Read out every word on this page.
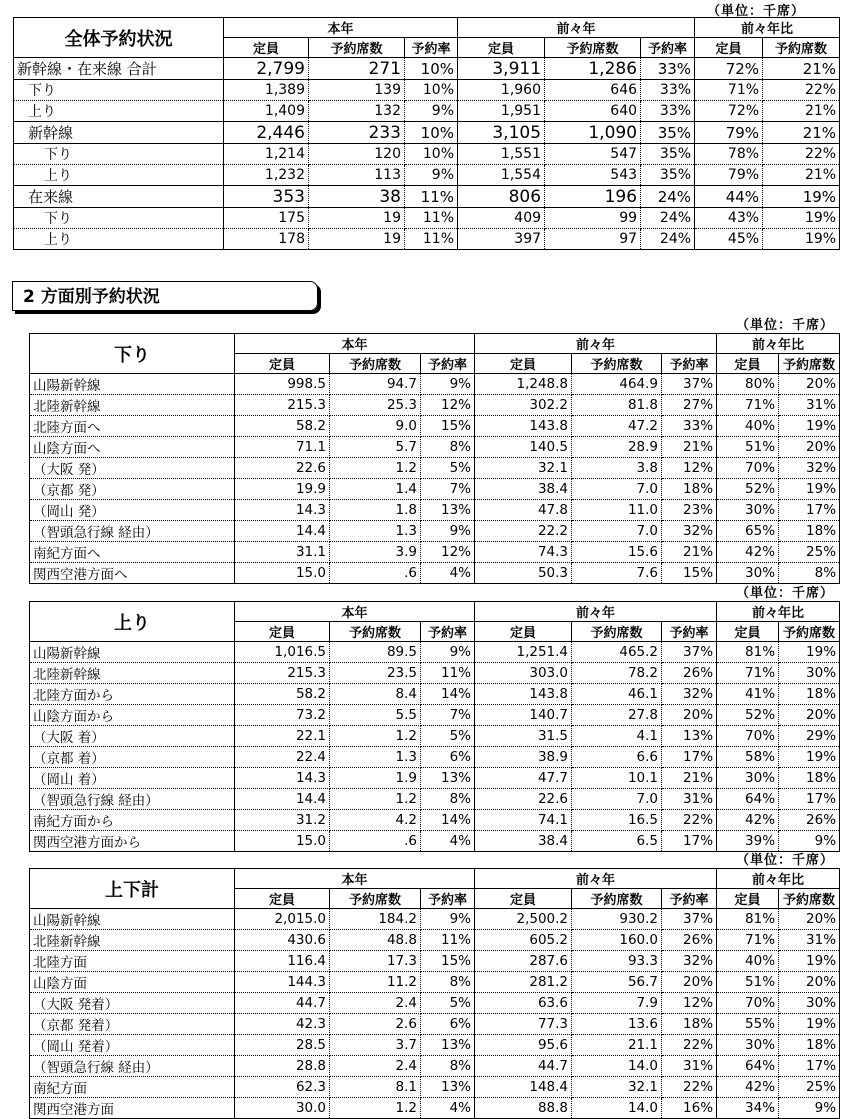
（単位：千席）
全体予約状況	本年			前々年			前々年比	
	定員	予約席数	予約率	定員	予約席数	予約率	定員	予約席数
新幹線・在来線 合計	2,799	271	10%	3,911	1,286	33%	72%	21%
下り	1,389	139	10%	1,960	646	33%	71%	22%
上り	1,409	132	9%	1,951	640	33%	72%	21%
新幹線	2,446	233	10%	3,105	1,090	35%	79%	21%
下り	1,214	120	10%	1,551	547	35%	78%	22%
上り	1,232	113	9%	1,554	543	35%	79%	21%
在来線	353	38	11%	806	196	24%	44%	19%
下り	175	19	11%	409	99	24%	43%	19%
上り	178	19	11%	397	97	24%	45%	19%
2 方面別予約状況
（単位：千席）
下り	本年			前々年			前々年比	
	定員	予約席数	予約率	定員	予約席数	予約率	定員	予約席数
山陽新幹線	998.5	94.7	9%	1,248.8	464.9	37%	80%	20%
北陸新幹線	215.3	25.3	12%	302.2	81.8	27%	71%	31%
北陸方面へ	58.2	9.0	15%	143.8	47.2	33%	40%	19%
山陰方面へ	71.1	5.7	8%	140.5	28.9	21%	51%	20%
（大阪 発）	22.6	1.2	5%	32.1	3.8	12%	70%	32%
（京都 発）	19.9	1.4	7%	38.4	7.0	18%	52%	19%
（岡山 発）	14.3	1.8	13%	47.8	11.0	23%	30%	17%
（智頭急行線 経由）	14.4	1.3	9%	22.2	7.0	32%	65%	18%
南紀方面へ	31.1	3.9	12%	74.3	15.6	21%	42%	25%
関西空港方面へ	15.0	.6	4%	50.3	7.6	15%	30%	8%
（単位：千席）
上り	本年			前々年			前々年比	
	定員	予約席数	予約率	定員	予約席数	予約率	定員	予約席数
山陽新幹線	1,016.5	89.5	9%	1,251.4	465.2	37%	81%	19%
北陸新幹線	215.3	23.5	11%	303.0	78.2	26%	71%	30%
北陸方面から	58.2	8.4	14%	143.8	46.1	32%	41%	18%
山陰方面から	73.2	5.5	7%	140.7	27.8	20%	52%	20%
（大阪 着）	22.1	1.2	5%	31.5	4.1	13%	70%	29%
（京都 着）	22.4	1.3	6%	38.9	6.6	17%	58%	19%
（岡山 着）	14.3	1.9	13%	47.7	10.1	21%	30%	18%
（智頭急行線 経由）	14.4	1.2	8%	22.6	7.0	31%	64%	17%
南紀方面から	31.2	4.2	14%	74.1	16.5	22%	42%	26%
関西空港方面から	15.0	.6	4%	38.4	6.5	17%	39%	9%
（単位：千席）
上下計	本年			前々年			前々年比	
	定員	予約席数	予約率	定員	予約席数	予約率	定員	予約席数
山陽新幹線	2,015.0	184.2	9%	2,500.2	930.2	37%	81%	20%
北陸新幹線	430.6	48.8	11%	605.2	160.0	26%	71%	31%
北陸方面	116.4	17.3	15%	287.6	93.3	32%	40%	19%
山陰方面	144.3	11.2	8%	281.2	56.7	20%	51%	20%
（大阪 発着）	44.7	2.4	5%	63.6	7.9	12%	70%	30%
（京都 発着）	42.3	2.6	6%	77.3	13.6	18%	55%	19%
（岡山 発着）	28.5	3.7	13%	95.6	21.1	22%	30%	18%
（智頭急行線 経由）	28.8	2.4	8%	44.7	14.0	31%	64%	17%
南紀方面	62.3	8.1	13%	148.4	32.1	22%	42%	25%
関西空港方面	30.0	1.2	4%	88.8	14.0	16%	34%	9%
